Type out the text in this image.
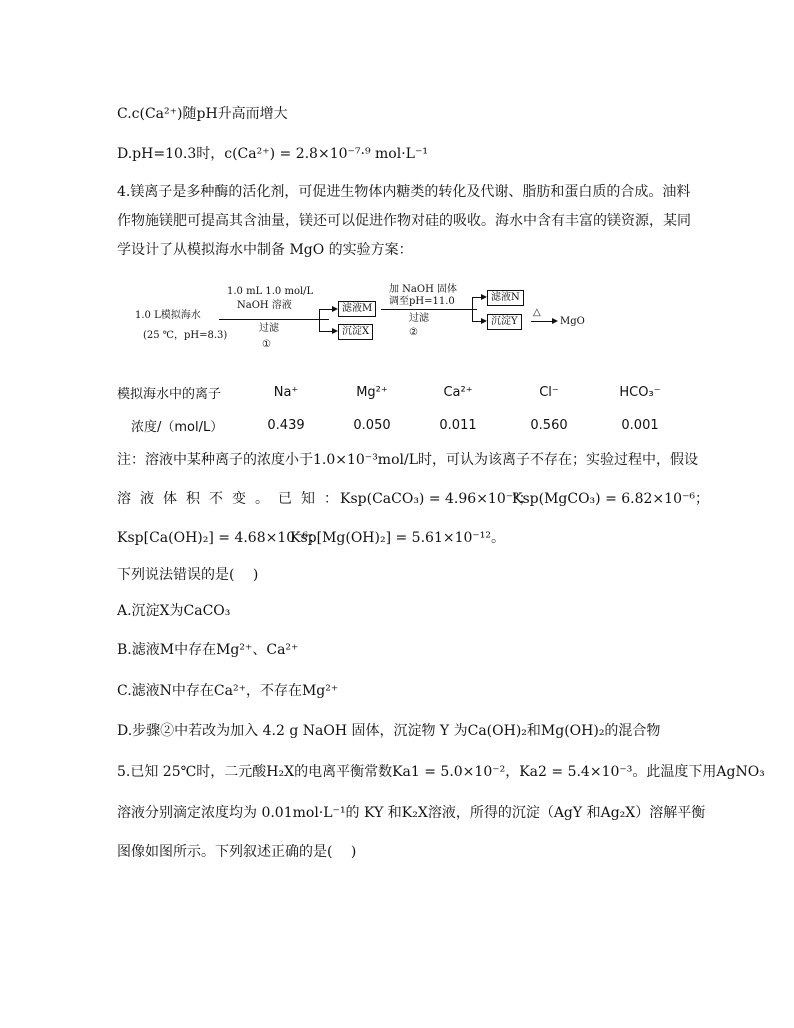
C.c(Ca²⁺)随pH升高而增大
D.pH=10.3时，c(Ca²⁺) = 2.8×10⁻⁷·⁹ mol·L⁻¹
4.镁离子是多种酶的活化剂，可促进生物体内糖类的转化及代谢、脂肪和蛋白质的合成。油料
作物施镁肥可提高其含油量，镁还可以促进作物对硅的吸收。海水中含有丰富的镁资源，某同
学设计了从模拟海水中制备 MgO 的实验方案：
1.0 L模拟海水
(25 ℃，pH=8.3)
1.0 mL 1.0 mol/L
NaOH 溶液
过滤
①
滤液M
沉淀X
加 NaOH 固体
调至pH=11.0
过滤
②
滤液N
沉淀Y
△
MgO
模拟海水中的离子	Na⁺	Mg²⁺	Ca²⁺	Cl⁻	HCO₃⁻
浓度/（mol/L）	0.439	0.050	0.011	0.560	0.001
注：溶液中某种离子的浓度小于1.0×10⁻³mol/L时，可认为该离子不存在；实验过程中，假设
溶液体积不变。已知：
Ksp(CaCO₃) = 4.96×10⁻⁹；
Ksp(MgCO₃) = 6.82×10⁻⁶；
Ksp[Ca(OH)₂] = 4.68×10⁻⁶；
Ksp[Mg(OH)₂] = 5.61×10⁻¹²。
下列说法错误的是(　 )
A.沉淀X为CaCO₃
B.滤液M中存在Mg²⁺、Ca²⁺
C.滤液N中存在Ca²⁺，不存在Mg²⁺
D.步骤②中若改为加入 4.2 g NaOH 固体，沉淀物 Y 为Ca(OH)₂和Mg(OH)₂的混合物
5.已知 25℃时，二元酸H₂X的电离平衡常数Ka1 = 5.0×10⁻²，Ka2 = 5.4×10⁻³。此温度下用AgNO₃
溶液分别滴定浓度均为 0.01mol·L⁻¹的 KY 和K₂X溶液，所得的沉淀（AgY 和Ag₂X）溶解平衡
图像如图所示。下列叙述正确的是(　 )
